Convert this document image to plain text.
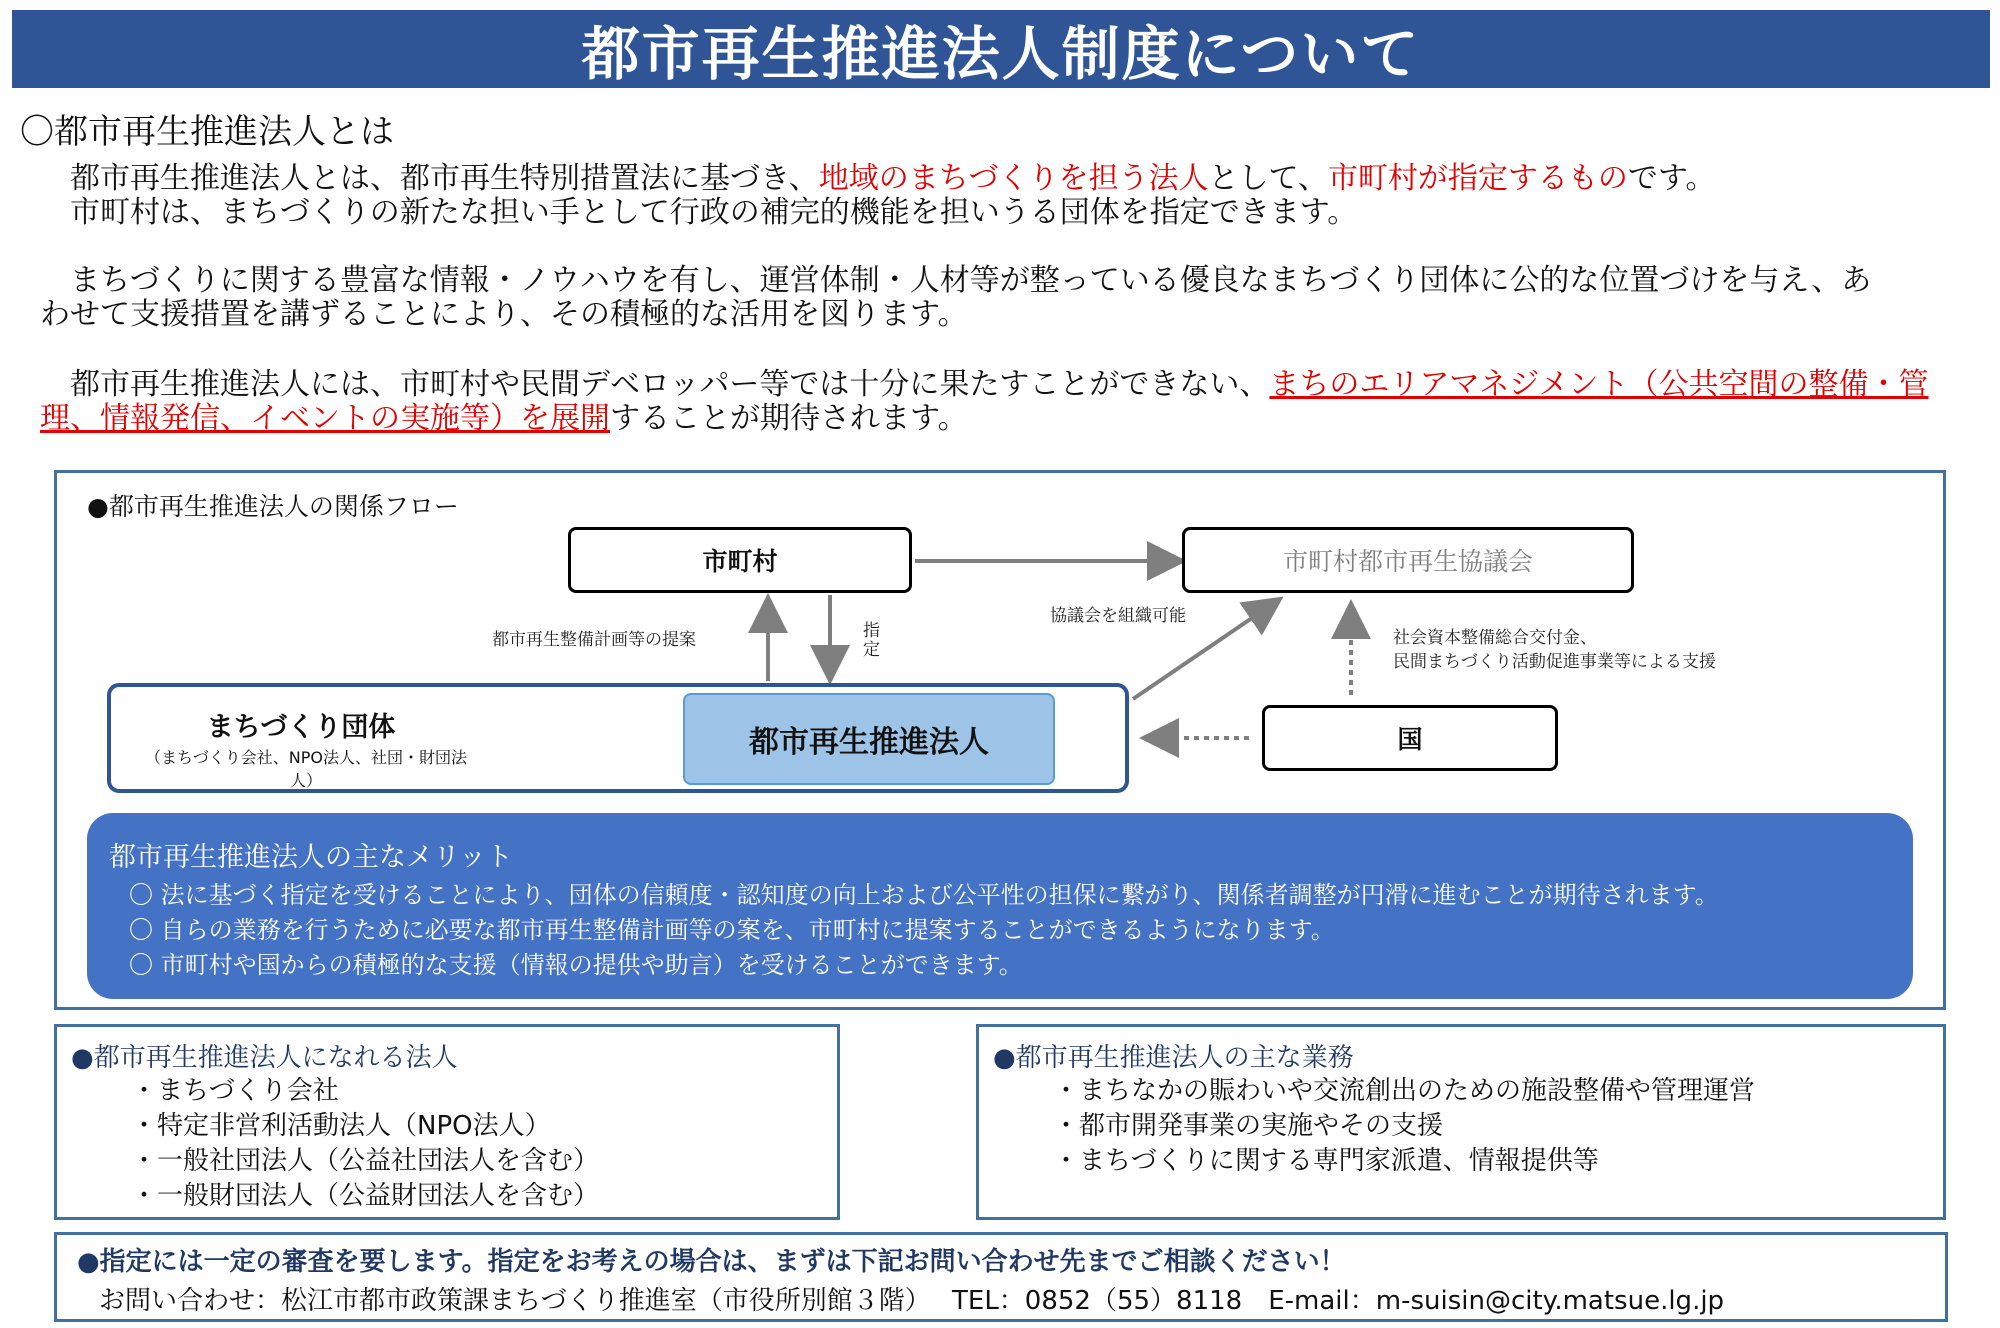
都市再生推進法人制度について
〇都市再生推進法人とは
　都市再生推進法人とは、都市再生特別措置法に基づき、地域のまちづくりを担う法人として、市町村が指定するものです。
　市町村は、まちづくりの新たな担い手として行政の補完的機能を担いうる団体を指定できます。
　まちづくりに関する豊富な情報・ノウハウを有し、運営体制・人材等が整っている優良なまちづくり団体に公的な位置づけを与え、あわせて支援措置を講ずることにより、その積極的な活用を図ります。
　都市再生推進法人には、市町村や民間デベロッパー等では十分に果たすことができない、まちのエリアマネジメント（公共空間の整備・管理、情報発信、イベントの実施等）を展開することが期待されます。
●都市再生推進法人の関係フロー
市町村	市町村都市再生協議会
都市再生整備計画等の提案	指定
協議会を組織可能
社会資本整備総合交付金、
民間まちづくり活動促進事業等による支援
まちづくり団体
（まちづくり会社、NPO法人、社団・財団法人）
都市再生推進法人	国
都市再生推進法人の主なメリット
〇 法に基づく指定を受けることにより、団体の信頼度・認知度の向上および公平性の担保に繋がり、関係者調整が円滑に進むことが期待されます。
〇 自らの業務を行うために必要な都市再生整備計画等の案を、市町村に提案することができるようになります。
〇 市町村や国からの積極的な支援（情報の提供や助言）を受けることができます。
●都市再生推進法人になれる法人
・まちづくり会社
・特定非営利活動法人（NPO法人）
・一般社団法人（公益社団法人を含む）
・一般財団法人（公益財団法人を含む）
●都市再生推進法人の主な業務
・まちなかの賑わいや交流創出のための施設整備や管理運営
・都市開発事業の実施やその支援
・まちづくりに関する専門家派遣、情報提供等
●指定には一定の審査を要します。指定をお考えの場合は、まずは下記お問い合わせ先までご相談ください！
お問い合わせ：松江市都市政策課まちづくり推進室（市役所別館３階）　 TEL：0852（55）8118　E-mail：m-suisin@city.matsue.lg.jp
